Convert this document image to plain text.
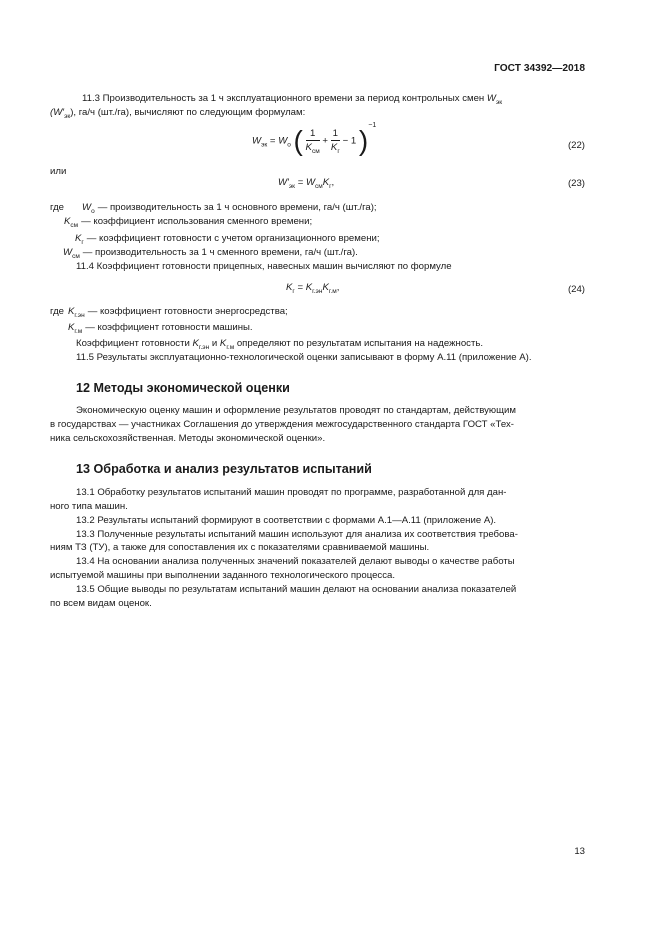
ГОСТ 34392—2018
11.3 Производительность за 1 ч эксплуатационного времени за период контрольных смен $W_{эк}$
$(W'_{эк})$, га/ч (шт./га), вычисляют по следующим формулам:
$W_{эк} = W_o$ ( $\frac{1}{K_{см}} + \frac{1}{K_г} - 1$ )$^{-1}$
(22)
или
$W'_{эк} = W_{см}K_г$,	(23)
где $W_о$ — производительность за 1 ч основного времени, га/ч (шт./га);
$K_{см}$ — коэффициент использования сменного времени;
$K_г$ — коэффициент готовности с учетом организационного времени;
$W_{см}$ — производительность за 1 ч сменного времени, га/ч (шт./га).
11.4 Коэффициент готовности прицепных, навесных машин вычисляют по формуле
$K_г = K_{г.эн}K_{г.м}$,	(24)
где $K_{г.эн}$ — коэффициент готовности энергосредства;
$K_{г.м}$ — коэффициент готовности машины.
Коэффициент готовности $K_{г.эн}$ и $K_{г.м}$ определяют по результатам испытания на надежность.
11.5 Результаты эксплуатационно-технологической оценки записывают в форму А.11 (приложение А).
12 Методы экономической оценки
Экономическую оценку машин и оформление результатов проводят по стандартам, действующим
в государствах — участниках Соглашения до утверждения межгосударственного стандарта ГОСТ «Тех-
ника сельскохозяйственная. Методы экономической оценки».
13 Обработка и анализ результатов испытаний
13.1 Обработку результатов испытаний машин проводят по программе, разработанной для дан-
ного типа машин.
13.2 Результаты испытаний формируют в соответствии с формами А.1—А.11 (приложение А).
13.3 Полученные результаты испытаний машин используют для анализа их соответствия требова-
ниям ТЗ (ТУ), а также для сопоставления их с показателями сравниваемой машины.
13.4 На основании анализа полученных значений показателей делают выводы о качестве работы
испытуемой машины при выполнении заданного технологического процесса.
13.5 Общие выводы по результатам испытаний машин делают на основании анализа показателей
по всем видам оценок.
13
